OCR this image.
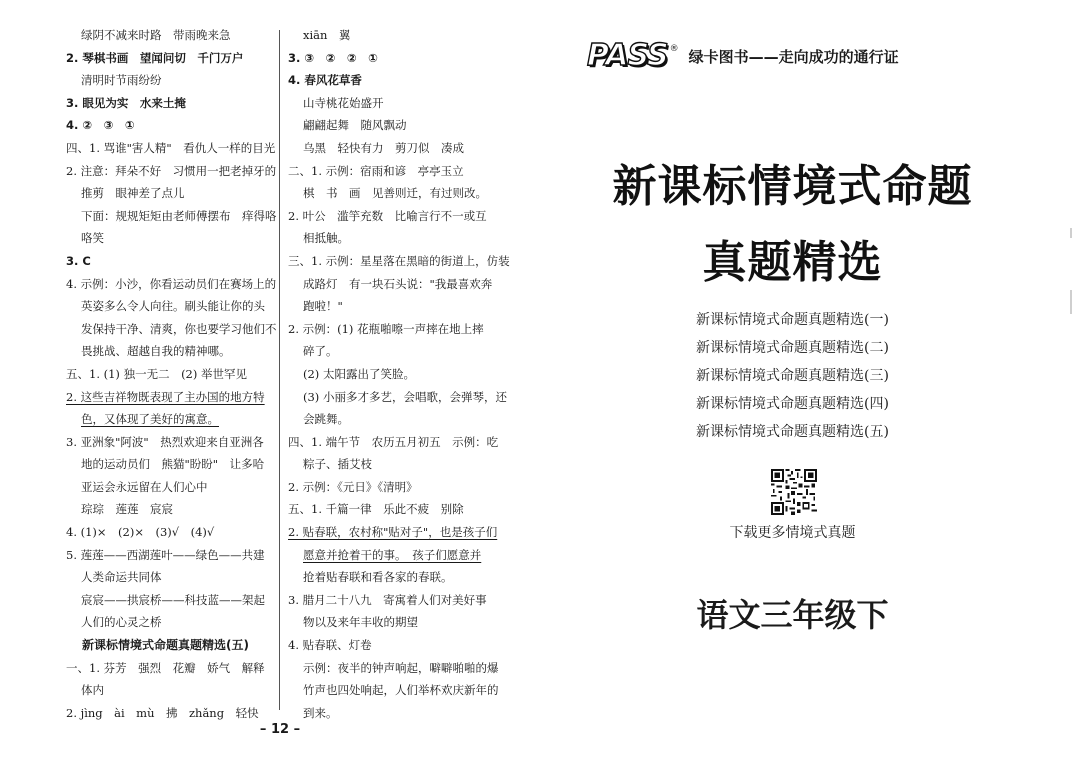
绿阴不减来时路　带雨晚来急
2. 琴棋书画　望闻问切　千门万户
清明时节雨纷纷
3. 眼见为实　水来土掩
4. ②　③　①
四、1. 骂谁"害人精"　看仇人一样的目光
2. 注意：拜朵不好　习惯用一把老掉牙的
推剪　眼神差了点儿
下面：规规矩矩由老师傅摆布　痒得咯
咯笑
3. C
4. 示例：小沙，你看运动员们在赛场上的
英姿多么令人向往。刷头能让你的头
发保持干净、清爽，你也要学习他们不
畏挑战、超越自我的精神哪。
五、1. (1) 独一无二　(2) 举世罕见
2. 这些吉祥物既表现了主办国的地方特
色，又体现了美好的寓意。
3. 亚洲象"阿波"　热烈欢迎来自亚洲各
地的运动员们　熊猫"盼盼"　让多哈
亚运会永远留在人们心中
琮琮　莲莲　宸宸
4. (1)×　(2)×　(3)√　(4)√
5. 莲莲——西湖莲叶——绿色——共建
人类命运共同体
宸宸——拱宸桥——科技蓝——架起
人们的心灵之桥
新课标情境式命题真题精选(五)
一、1. 芬芳　强烈　花瓣　娇气　解释
体内
2. jìng　ài　mù　拂　zhǎng　轻快
xiān　翼
3. ③　②　②　①
4. 春风花草香
山寺桃花始盛开
翩翩起舞　随风飘动
乌黑　轻快有力　剪刀似　凑成
二、1. 示例：宿雨和谚　亭亭玉立
棋　书　画　见善则迁，有过则改。
2. 叶公　滥竽充数　比喻言行不一或互
相抵触。
三、1. 示例：星星落在黑暗的街道上，仿装
成路灯　有一块石头说："我最喜欢奔
跑啦！"
2. 示例：(1) 花瓶啪嚓一声摔在地上摔
碎了。
(2) 太阳露出了笑脸。
(3) 小丽多才多艺，会唱歌，会弹琴，还
会跳舞。
四、1. 端午节　农历五月初五　示例：吃
粽子、插艾枝
2. 示例：《元日》《清明》
五、1. 千篇一律　乐此不疲　别除
2. 贴春联，农村称"贴对子"，也是孩子们
愿意并抢着干的事。　孩子们愿意并
抢着贴春联和看各家的春联。
3. 腊月二十八九　寄寓着人们对美好事
物以及来年丰收的期望
4. 贴春联、灯卷
示例：夜半的钟声响起，噼噼啪啪的爆
竹声也四处响起，人们举杯欢庆新年的
到来。
– 12 –
PASS ® 绿卡图书——走向成功的通行证
新课标情境式命题
真题精选
新课标情境式命题真题精选(一)
新课标情境式命题真题精选(二)
新课标情境式命题真题精选(三)
新课标情境式命题真题精选(四)
新课标情境式命题真题精选(五)
下载更多情境式真题
语文三年级下
